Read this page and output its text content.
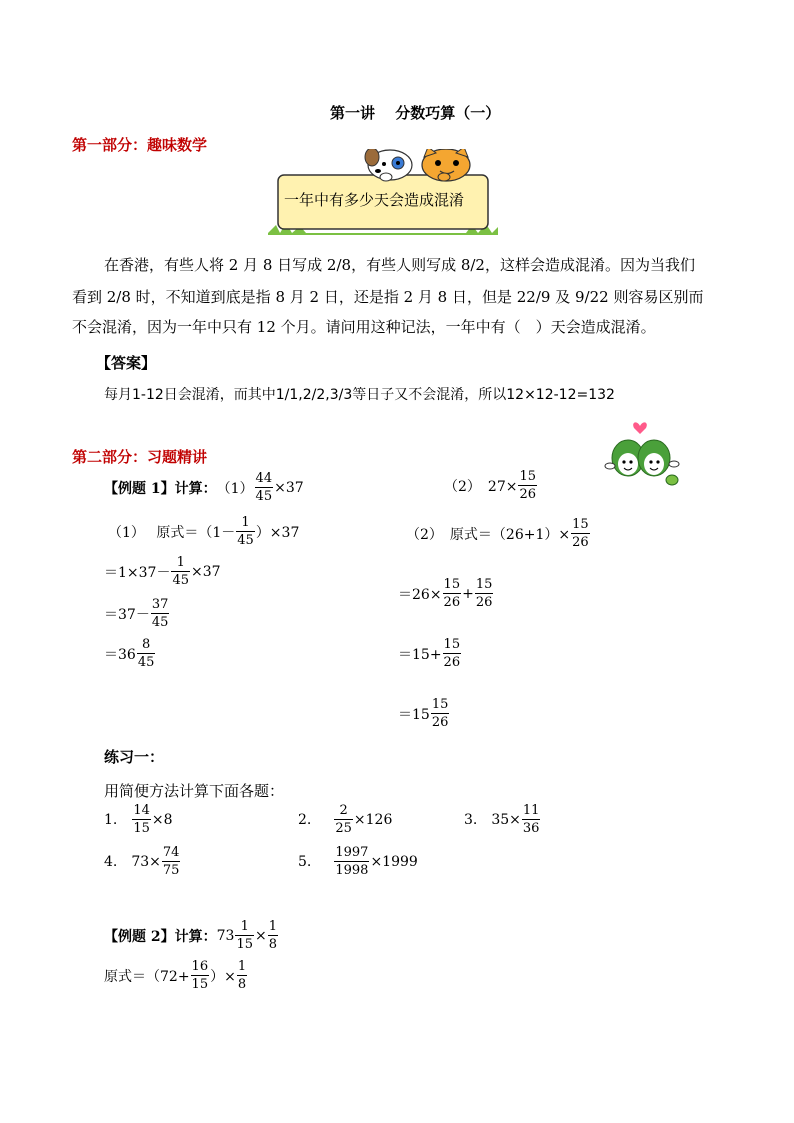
第一讲　 分数巧算（一）
第一部分：趣味数学
一年中有多少天会造成混淆
在香港，有些人将 2 月 8 日写成 2/8，有些人则写成 8/2，这样会造成混淆。因为当我们
看到 2/8 时，不知道到底是指 8 月 2 日，还是指 2 月 8 日，但是 22/9 及 9/22 则容易区别而
不会混淆，因为一年中只有 12 个月。请问用这种记法，一年中有（　）天会造成混淆。
【答案】
每月1-12日会混淆，而其中1/1,2/2,3/3等日子又不会混淆，所以12×12-12=132
第二部分：习题精讲
【例题 1】计算： $(1) \frac{44}{45} \times 37$	（2）　$27\times \frac{15}{26}$
（1）　 原式$=(1- \frac{1}{45} )\times 37$
$=1\times 37- \frac{1}{45} \times 37$
$=37- \frac{37}{45}$
$=36 \frac{8}{45}$
（2）　原式$=(26+1)\times \frac{15}{26}$
$=26\times \frac{15}{26} + \frac{15}{26}$
$=15+ \frac{15}{26}$
$=15 \frac{15}{26}$
练习一：
用简便方法计算下面各题：
1. $\frac{14}{15} \times 8$	2. $\frac{2}{25} \times 126$	3. $35\times \frac{11}{36}$
4. $73\times \frac{74}{75}$	5. $\frac{1997}{1998} \times 1999$
【例题 2】计算： $73 \frac{1}{15} \times \frac{1}{8}$
原式$=(72+ \frac{16}{15}$ ）× $\frac{1}{8}$
